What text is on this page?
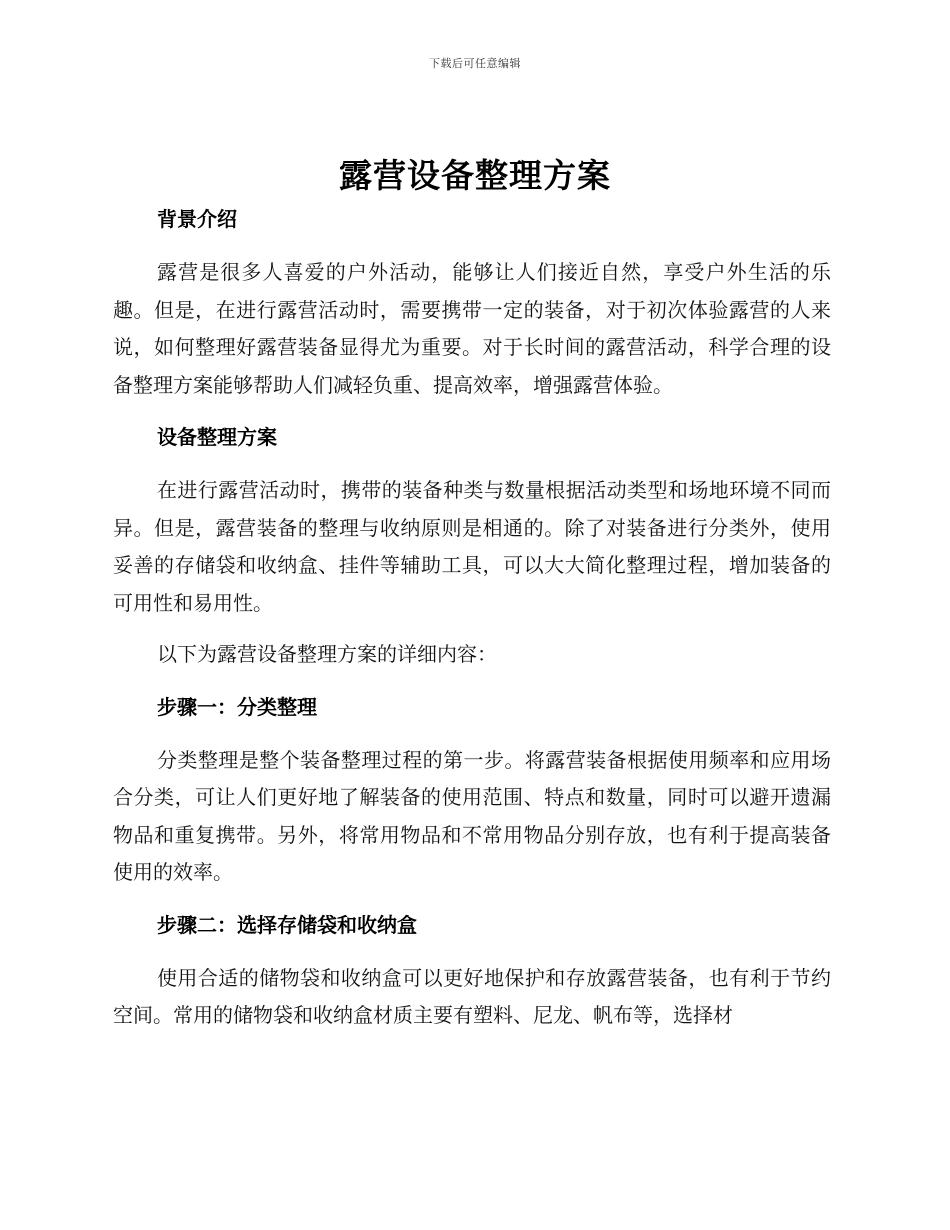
下载后可任意编辑
露营设备整理方案
背景介绍

露营是很多人喜爱的户外活动，能够让人们接近自然，享受户外生活的乐趣。但是，在进行露营活动时，需要携带一定的装备，对于初次体验露营的人来说，如何整理好露营装备显得尤为重要。对于长时间的露营活动，科学合理的设备整理方案能够帮助人们减轻负重、提高效率，增强露营体验。

设备整理方案

在进行露营活动时，携带的装备种类与数量根据活动类型和场地环境不同而异。但是，露营装备的整理与收纳原则是相通的。除了对装备进行分类外，使用妥善的存储袋和收纳盒、挂件等辅助工具，可以大大简化整理过程，增加装备的可用性和易用性。

以下为露营设备整理方案的详细内容：

步骤一：分类整理

分类整理是整个装备整理过程的第一步。将露营装备根据使用频率和应用场合分类，可让人们更好地了解装备的使用范围、特点和数量，同时可以避开遗漏物品和重复携带。另外，将常用物品和不常用物品分别存放，也有利于提高装备使用的效率。

步骤二：选择存储袋和收纳盒

使用合适的储物袋和收纳盒可以更好地保护和存放露营装备，也有利于节约空间。常用的储物袋和收纳盒材质主要有塑料、尼龙、帆布等，选择材
